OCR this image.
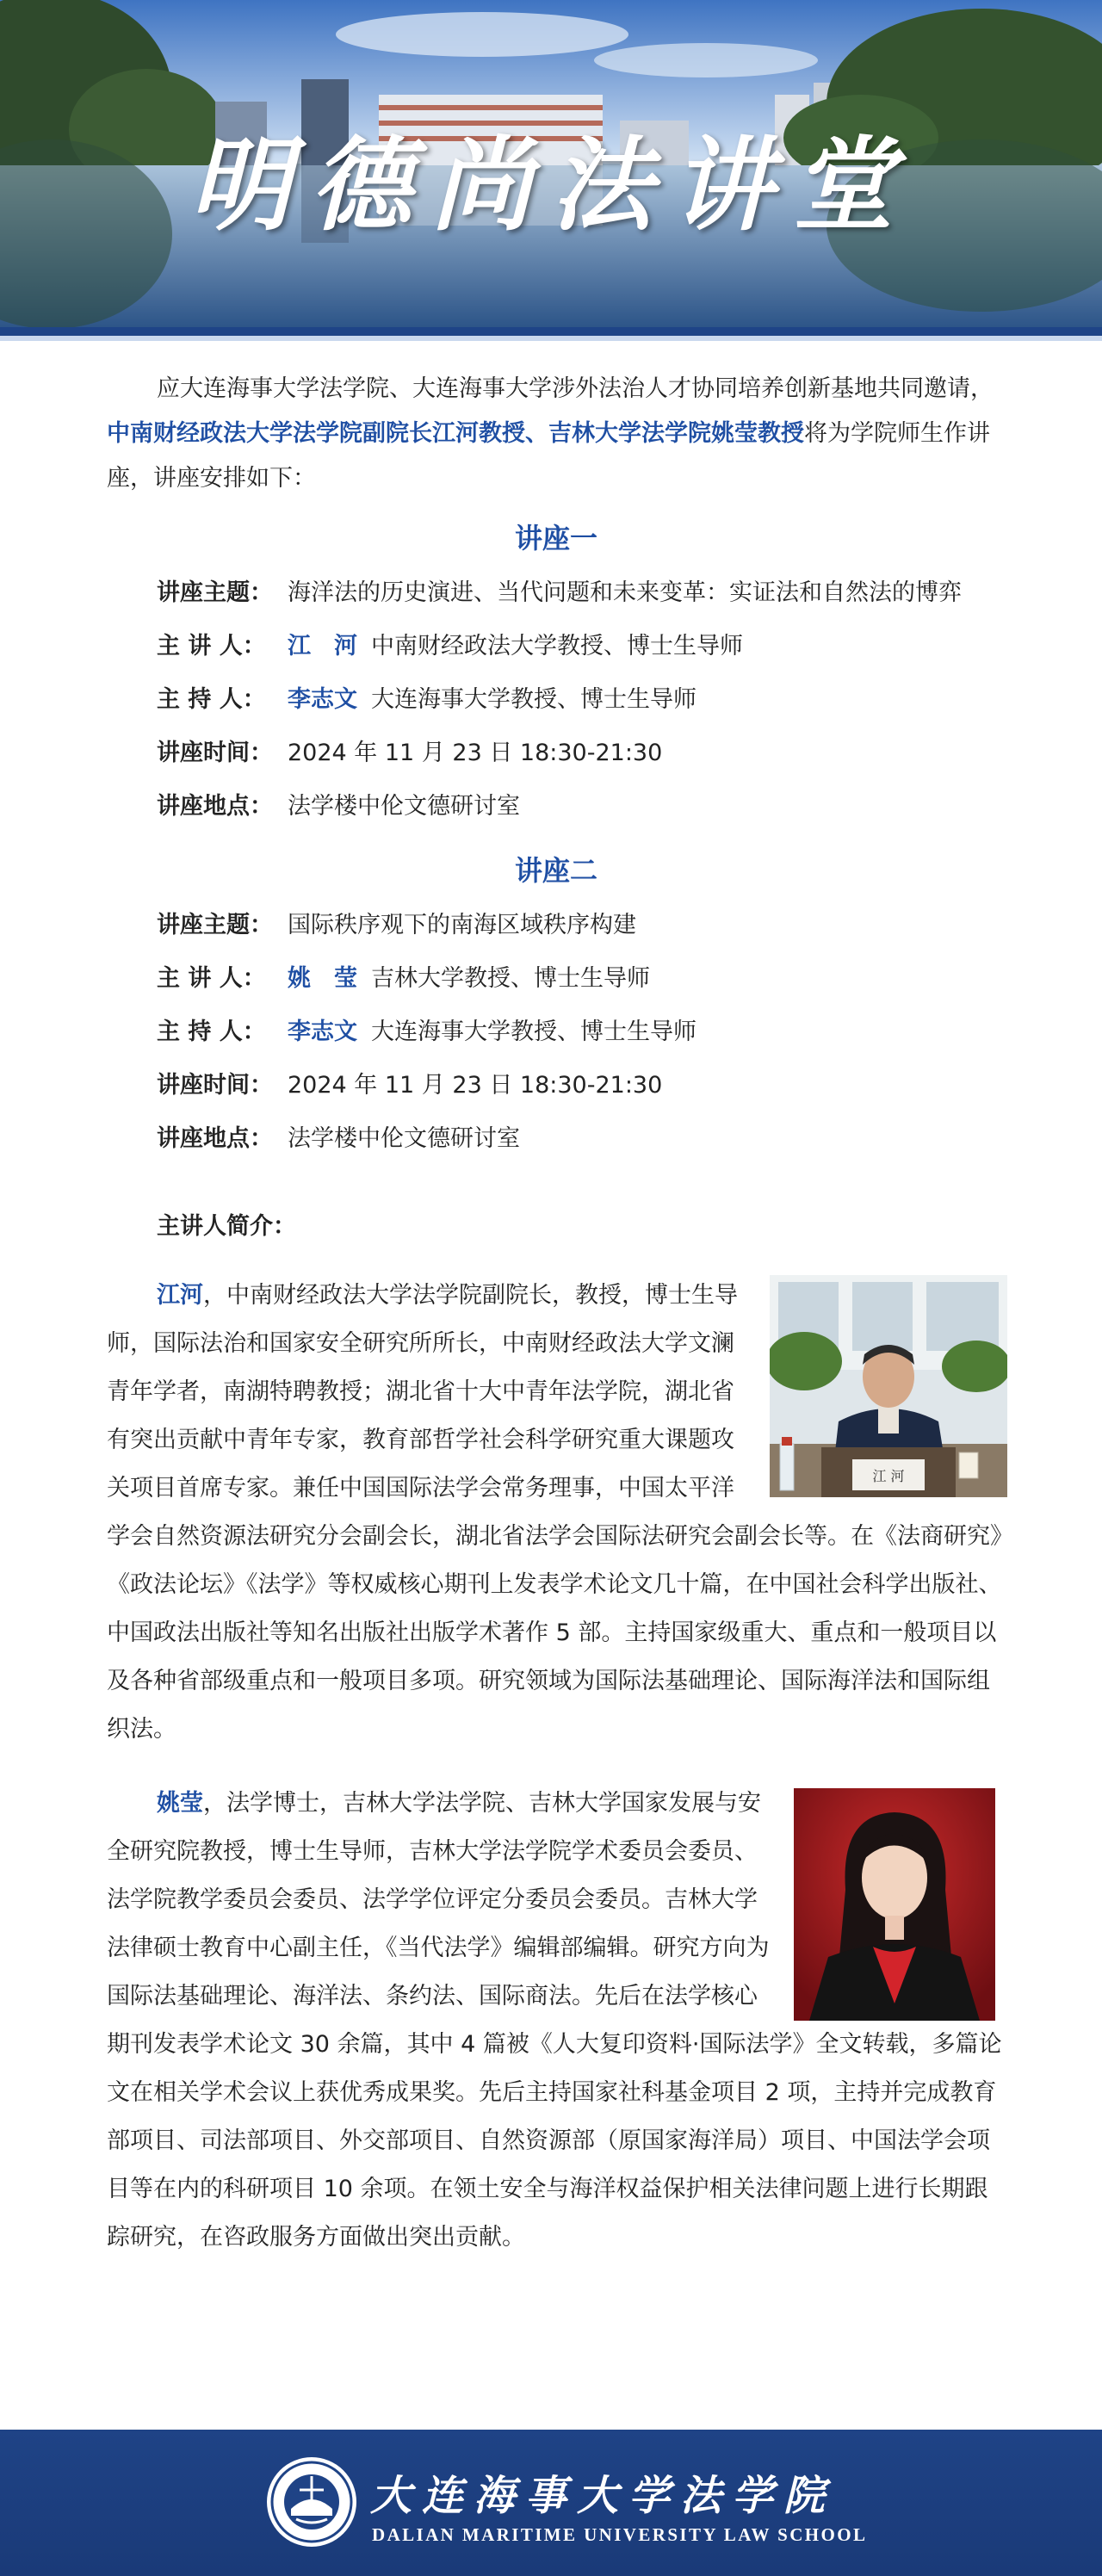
明德尚法讲堂

应大连海事大学法学院、大连海事大学涉外法治人才协同培养创新基地共同邀请，中南财经政法大学法学院副院长江河教授、吉林大学法学院姚莹教授将为学院师生作讲座，讲座安排如下：

讲座一
讲座主题： 海洋法的历史演进、当代问题和未来变革：实证法和自然法的博弈
主 讲 人： 江　河 中南财经政法大学教授、博士生导师
主 持 人： 李志文 大连海事大学教授、博士生导师
讲座时间： 2024 年 11 月 23 日 18:30-21:30
讲座地点： 法学楼中伦文德研讨室
讲座二
讲座主题： 国际秩序观下的南海区域秩序构建
主 讲 人： 姚　莹 吉林大学教授、博士生导师
主 持 人： 李志文 大连海事大学教授、博士生导师
讲座时间： 2024 年 11 月 23 日 18:30-21:30
讲座地点： 法学楼中伦文德研讨室
主讲人简介：
江 河

江河，中南财经政法大学法学院副院长，教授，博士生导师，国际法治和国家安全研究所所长，中南财经政法大学文澜青年学者，南湖特聘教授；湖北省十大中青年法学院，湖北省有突出贡献中青年专家，教育部哲学社会科学研究重大课题攻关项目首席专家。兼任中国国际法学会常务理事，中国太平洋学会自然资源法研究分会副会长，湖北省法学会国际法研究会副会长等。在《法商研究》《政法论坛》《法学》等权威核心期刊上发表学术论文几十篇，在中国社会科学出版社、中国政法出版社等知名出版社出版学术著作 5 部。主持国家级重大、重点和一般项目以及各种省部级重点和一般项目多项。研究领域为国际法基础理论、国际海洋法和国际组织法。

姚莹，法学博士，吉林大学法学院、吉林大学国家发展与安全研究院教授，博士生导师，吉林大学法学院学术委员会委员、法学院教学委员会委员、法学学位评定分委员会委员。吉林大学法律硕士教育中心副主任，《当代法学》编辑部编辑。研究方向为国际法基础理论、海洋法、条约法、国际商法。先后在法学核心期刊发表学术论文 30 余篇，其中 4 篇被《人大复印资料·国际法学》全文转载，多篇论文在相关学术会议上获优秀成果奖。先后主持国家社科基金项目 2 项，主持并完成教育部项目、司法部项目、外交部项目、自然资源部（原国家海洋局）项目、中国法学会项目等在内的科研项目 10 余项。在领土安全与海洋权益保护相关法律问题上进行长期跟踪研究，在咨政服务方面做出突出贡献。

大连海事大学法学院
DALIAN MARITIME UNIVERSITY LAW SCHOOL
